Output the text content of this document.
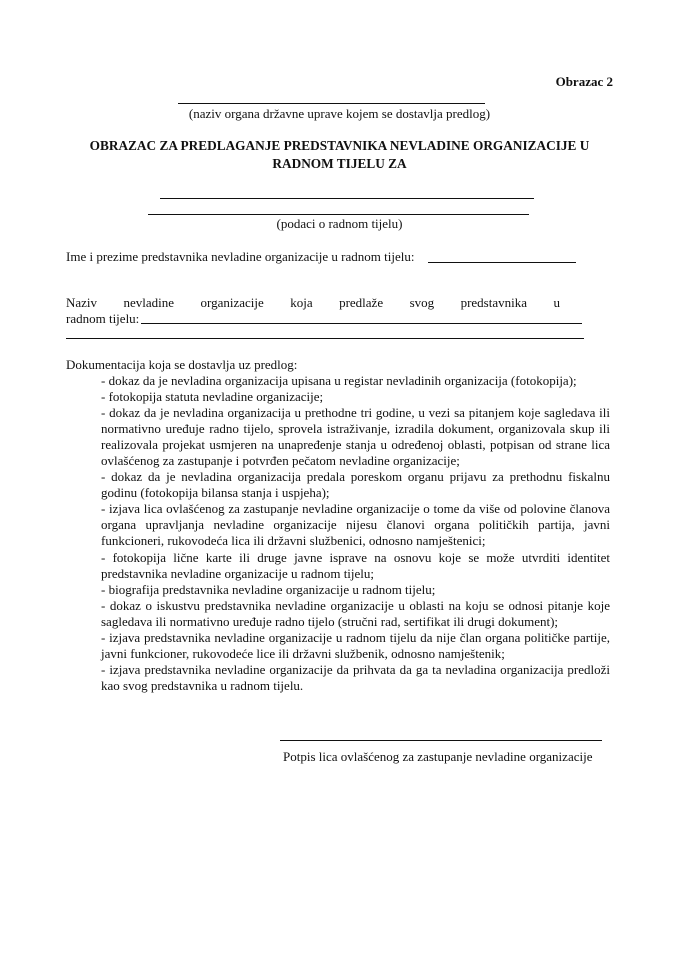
Obrazac 2
(naziv organa državne uprave kojem se dostavlja predlog)
OBRAZAC ZA PREDLAGANJE PREDSTAVNIKA NEVLADINE ORGANIZACIJE U
RADNOM TIJELU ZA
(podaci o radnom tijelu)
Ime i prezime predstavnika nevladine organizacije u radnom tijelu:
Naziv nevladine organizacije koja predlaže svog predstavnika u
radnom tijelu:
Dokumentacija koja se dostavlja uz predlog:

- dokaz da je nevladina organizacija upisana u registar nevladinih organizacija (fotokopija);

- fotokopija statuta nevladine organizacije;

- dokaz da je nevladina organizacija u prethodne tri godine, u vezi sa pitanjem koje sagledava ili normativno uređuje radno tijelo, sprovela istraživanje, izradila dokument, organizovala skup ili realizovala projekat usmjeren na unapređenje stanja u određenoj oblasti, potpisan od strane lica ovlašćenog za zastupanje i potvrđen pečatom nevladine organizacije;

- dokaz da je nevladina organizacija predala poreskom organu prijavu za prethodnu fiskalnu godinu (fotokopija bilansa stanja i uspjeha);

- izjava lica ovlašćenog za zastupanje nevladine organizacije o tome da više od polovine članova organa upravljanja nevladine organizacije nijesu članovi organa političkih partija, javni funkcioneri, rukovodeća lica ili državni službenici, odnosno namještenici;

- fotokopija lične karte ili druge javne isprave na osnovu koje se može utvrditi identitet predstavnika nevladine organizacije u radnom tijelu;

- biografija predstavnika nevladine organizacije u radnom tijelu;

- dokaz o iskustvu predstavnika nevladine organizacije u oblasti na koju se odnosi pitanje koje sagledava ili normativno uređuje radno tijelo (stručni rad, sertifikat ili drugi dokument);

- izjava predstavnika nevladine organizacije u radnom tijelu da nije član organa političke partije, javni funkcioner, rukovodeće lice ili državni službenik, odnosno namještenik;

- izjava predstavnika nevladine organizacije da prihvata da ga ta nevladina organizacija predloži kao svog predstavnika u radnom tijelu.

Potpis lica ovlašćenog za zastupanje nevladine organizacije
